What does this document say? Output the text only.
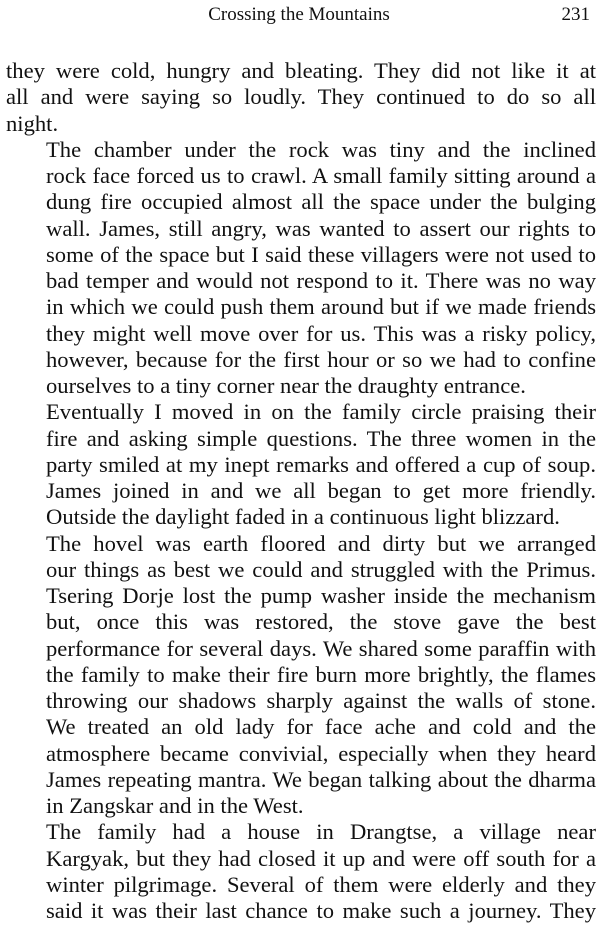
Crossing the Mountains	231

they were cold, hungry and bleating. They did not like it at
all and were saying so loudly. They continued to do so all
night.

The chamber under the rock was tiny and the inclined
rock face forced us to crawl. A small family sitting around a
dung fire occupied almost all the space under the bulging
wall. James, still angry, was wanted to assert our rights to
some of the space but I said these villagers were not used to
bad temper and would not respond to it. There was no way
in which we could push them around but if we made friends
they might well move over for us. This was a risky policy,
however, because for the first hour or so we had to confine
ourselves to a tiny corner near the draughty entrance.

Eventually I moved in on the family circle praising their
fire and asking simple questions. The three women in the
party smiled at my inept remarks and offered a cup of soup.
James joined in and we all began to get more friendly.
Outside the daylight faded in a continuous light blizzard.

The hovel was earth floored and dirty but we arranged
our things as best we could and struggled with the Primus.
Tsering Dorje lost the pump washer inside the mechanism
but, once this was restored, the stove gave the best
performance for several days. We shared some paraffin with
the family to make their fire burn more brightly, the flames
throwing our shadows sharply against the walls of stone.
We treated an old lady for face ache and cold and the
atmosphere became convivial, especially when they heard
James repeating mantra. We began talking about the dharma
in Zangskar and in the West.

The family had a house in Drangtse, a village near
Kargyak, but they had closed it up and were off south for a
winter pilgrimage. Several of them were elderly and they
said it was their last chance to make such a journey. They
